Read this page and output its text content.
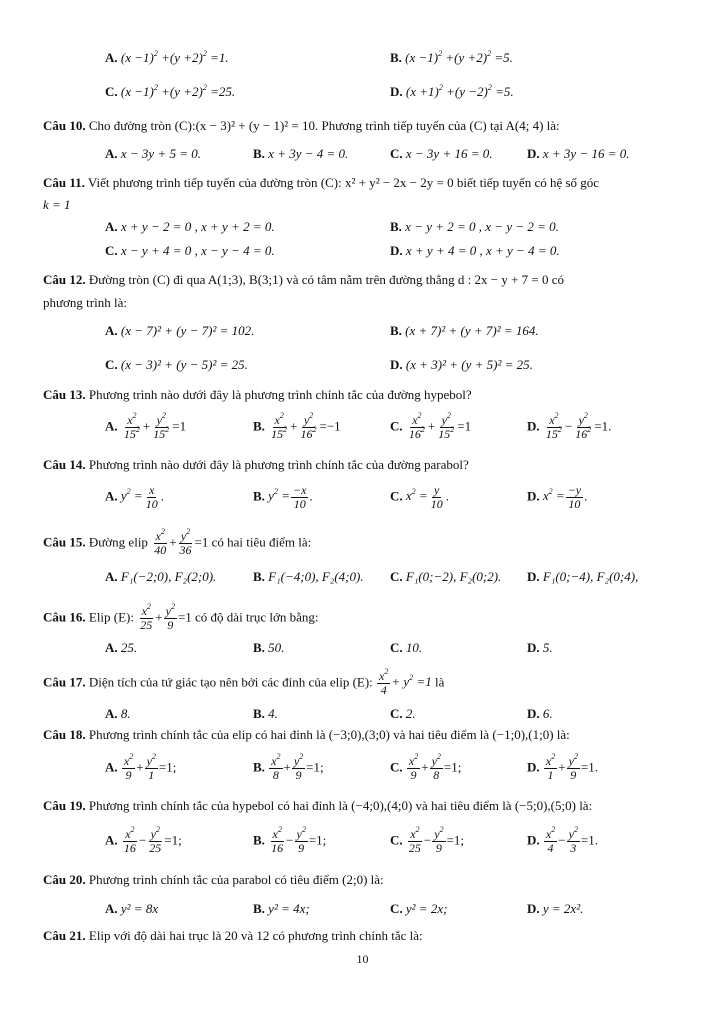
A. $(x -1)^2 +(y +2)^2 =1$.	B. $(x -1)^2 +(y +2)^2 =5$.
C. $(x -1)^2 +(y +2)^2 =25$.	D. $(x +1)^2 +(y -2)^2 =5$.
Câu 10. Cho đường tròn (C):(x − 3)² + (y − 1)² = 10. Phương trình tiếp tuyến của (C) tại A(4; 4) là:
A. x − 3y + 5 = 0.	B. x + 3y − 4 = 0.	C. x − 3y + 16 = 0.	D. x + 3y − 16 = 0.
Câu 11. Viết phương trình tiếp tuyến của đường tròn (C): x² + y² − 2x − 2y = 0 biết tiếp tuyến có hệ số góc
k = 1
A. x + y − 2 = 0 , x + y + 2 = 0.	B. x − y + 2 = 0 , x − y − 2 = 0.
C. x − y + 4 = 0 , x − y − 4 = 0.	D. x + y + 4 = 0 , x + y − 4 = 0.
Câu 12. Đường tròn (C) đi qua A(1;3), B(3;1) và có tâm nằm trên đường thẳng d : 2x − y + 7 = 0 có
phương trình là:
A. (x − 7)² + (y − 7)² = 102.	B. (x + 7)² + (y + 7)² = 164.
C. (x − 3)² + (y − 5)² = 25.	D. (x + 3)² + (y + 5)² = 25.
Câu 13. Phương trình nào dưới đây là phương trình chính tắc của đường hypebol?
A. $\frac{x^2}{15^2} + \frac{y^2}{15^2} =1$	B. $\frac{x^2}{15^2} + \frac{y^2}{16^2} =-1$	C. $\frac{x^2}{16^2} + \frac{y^2}{15^2} =1$	D. $\frac{x^2}{15^2} - \frac{y^2}{16^2} =1$.
Câu 14. Phương trình nào dưới đây là phương trình chính tắc của đường parabol?
A. $y^2 = \frac{x}{10}$ .	B. $y^2 = \frac{-x}{10}$ .	C. $x^2 = \frac{y}{10}$ .	D. $x^2 = \frac{-y}{10}$ .
Câu 15. Đường elip $\frac{x^2}{40} + \frac{y^2}{36} =1$ có hai tiêu điểm là:
A. F₁(−2;0), F₂(2;0).	B. F₁(−4;0), F₂(4;0). C. F₁(0;−2), F₂(0;2). D. F₁(0;−4), F₂(0;4),
Câu 16. Elip (E): $\frac{x^2}{25} + \frac{y^2}{9} =1$ có độ dài trục lớn bằng:
A. 25.	B. 50.	C. 10.	D. 5.
Câu 17. Diện tích của tứ giác tạo nên bởi các đỉnh của elip (E): $\frac{x^2}{4} + y^2 =1$ là
A. 8.	B. 4.	C. 2.	D. 6.
Câu 18. Phương trình chính tắc của elip có hai đỉnh là (−3;0),(3;0) và hai tiêu điểm là (−1;0),(1;0) là:
A. $\frac{x^2}{9} + \frac{y^2}{1} =1$;	B. $\frac{x^2}{8} + \frac{y^2}{9} =1$;	C. $\frac{x^2}{9} + \frac{y^2}{8} =1$;	D. $\frac{x^2}{1} + \frac{y^2}{9} =1$.
Câu 19. Phương trình chính tắc của hypebol có hai đỉnh là (−4;0),(4;0) và hai tiêu điểm là (−5;0),(5;0) là:
A. $\frac{x^2}{16} - \frac{y^2}{25} =1$;	B. $\frac{x^2}{16} - \frac{y^2}{9} =1$;	C. $\frac{x^2}{25} - \frac{y^2}{9} =1$;	D. $\frac{x^2}{4} - \frac{y^2}{3} =1$.
Câu 20. Phương trình chính tắc của parabol có tiêu điểm (2;0) là:
A. y² = 8x	B. y² = 4x;	C. y² = 2x;	D. y = 2x².
Câu 21. Elip với độ dài hai trục là 20 và 12 có phương trình chính tắc là:
10
